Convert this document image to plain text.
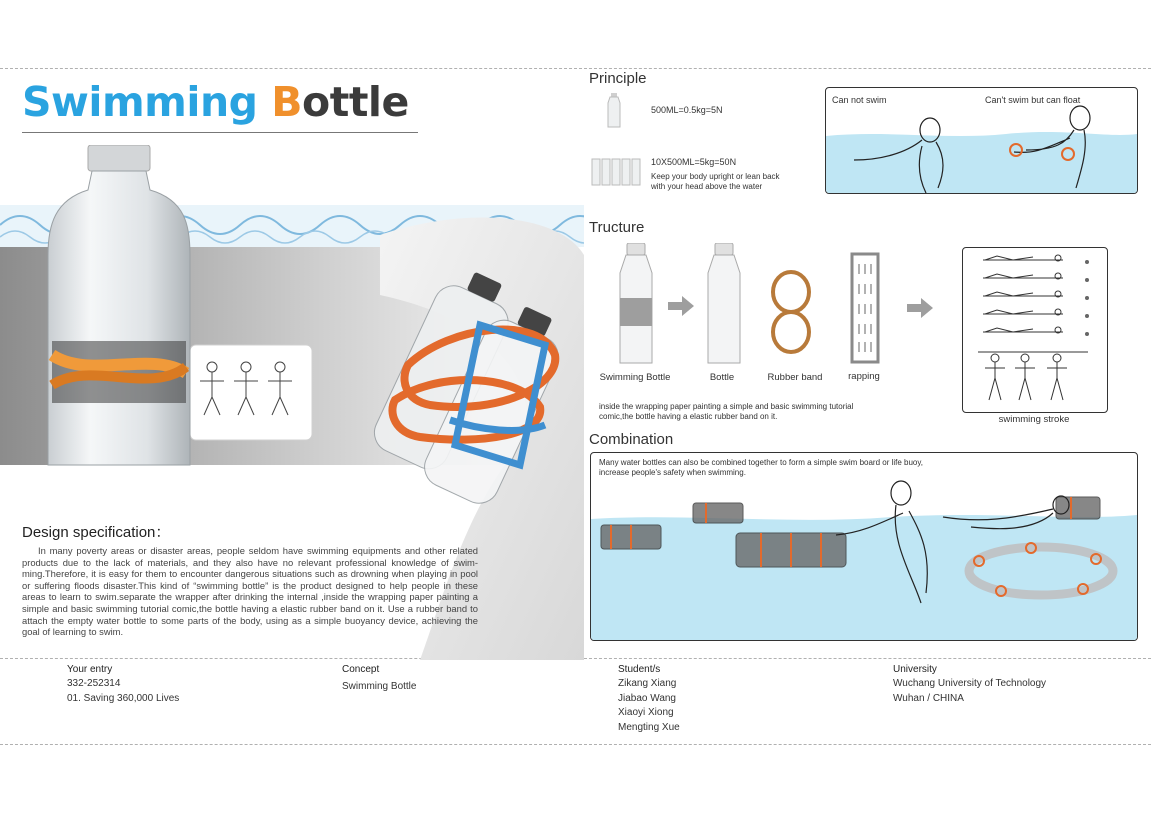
Swimming Bottle
Design specification：
In many poverty areas or disaster areas, people seldom have swimming equipments and other related products due to the lack of materials, and they also have no relevant professional knowledge of swim-ming.Therefore, it is easy for them to encounter dangerous situations such as drowning when playing in pool or suffering floods disaster.This kind of “swimming bottle” is the product designed to help people in these areas to learn to swim.separate the wrapper after drinking the internal ,inside the wrapping paper painting a simple and basic swimming tutorial comic,the bottle having a elastic rubber band on it. Use a rubber band to attach the empty water bottle to some parts of the body, using as a simple buoyancy device, achieving the goal of learning to swim.
Principle
500ML=0.5kg=5N
10X500ML=5kg=50N
Keep your body upright or lean back with your head above the water
Can not swim	Can't swim but can float
Tructure
Swimming Bottle	Bottle	Rubber band	rapping
inside the wrapping paper painting a simple and basic swimming tutorial comic,the bottle having a elastic rubber band on it.	swimming stroke
Combination
Many water bottles can also be combined together to form a simple swim board or life buoy, increase people's safety when swimming.
Your entry
332-252314
01. Saving 360,000 Lives
Concept
Swimming Bottle
Student/s
Zikang Xiang
Jiabao Wang
Xiaoyi Xiong
Mengting Xue
University
Wuchang University of Technology
Wuhan / CHINA
